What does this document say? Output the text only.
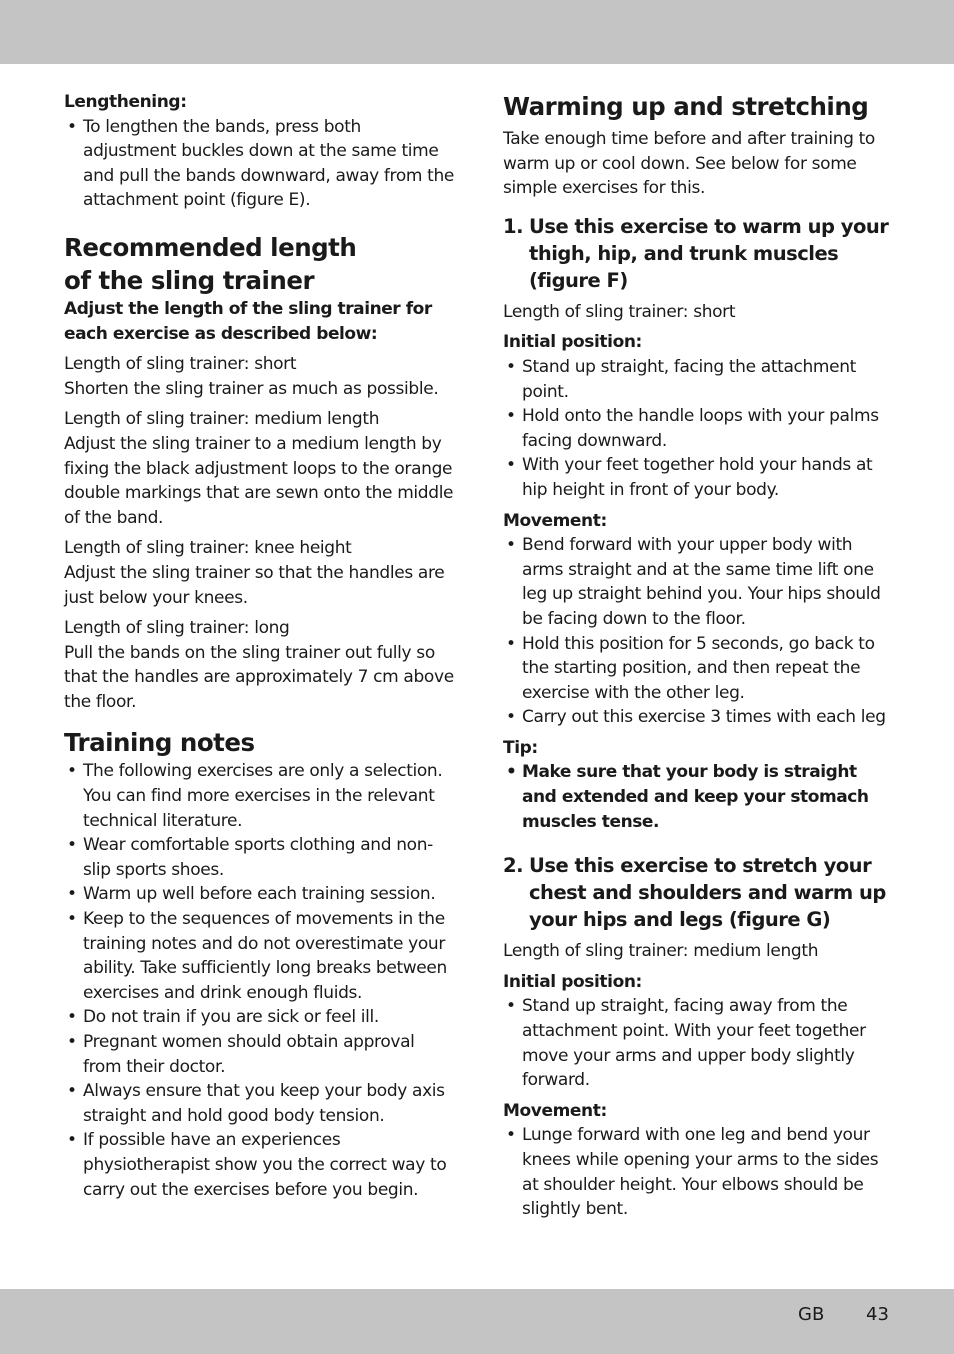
Lengthening:
• To lengthen the bands, press both adjustment buckles down at the same time and pull the bands downward, away from the attachment point (figure E).
Recommended length
of the sling trainer
Adjust the length of the sling trainer for each exercise as described below:
Length of sling trainer: short
Shorten the sling trainer as much as possible.
Length of sling trainer: medium length
Adjust the sling trainer to a medium length by fixing the black adjustment loops to the orange double markings that are sewn onto the middle of the band.
Length of sling trainer: knee height
Adjust the sling trainer so that the handles are just below your knees.
Length of sling trainer: long
Pull the bands on the sling trainer out fully so that the handles are approximately 7 cm above the floor.
Training notes
• The following exercises are only a selection. You can find more exercises in the relevant technical literature.
• Wear comfortable sports clothing and non-slip sports shoes.
• Warm up well before each training session.
• Keep to the sequences of movements in the training notes and do not overestimate your ability. Take sufficiently long breaks between exercises and drink enough fluids.
• Do not train if you are sick or feel ill.
• Pregnant women should obtain approval from their doctor.
• Always ensure that you keep your body axis straight and hold good body tension.
• If possible have an experiences physiotherapist show you the correct way to carry out the exercises before you begin.
Warming up and stretching
Take enough time before and after training to warm up or cool down. See below for some simple exercises for this.
1. Use this exercise to warm up your thigh, hip, and trunk muscles (figure F)
Length of sling trainer: short
Initial position:
• Stand up straight, facing the attachment point.
• Hold onto the handle loops with your palms facing downward.
• With your feet together hold your hands at hip height in front of your body.
Movement:
• Bend forward with your upper body with arms straight and at the same time lift one leg up straight behind you. Your hips should be facing down to the floor.
• Hold this position for 5 seconds, go back to the starting position, and then repeat the exercise with the other leg.
• Carry out this exercise 3 times with each leg
Tip:
• Make sure that your body is straight and extended and keep your stomach muscles tense.
2. Use this exercise to stretch your chest and shoulders and warm up your hips and legs (figure G)
Length of sling trainer: medium length
Initial position:
• Stand up straight, facing away from the attachment point. With your feet together move your arms and upper body slightly forward.
Movement:
• Lunge forward with one leg and bend your knees while opening your arms to the sides at shoulder height. Your elbows should be slightly bent.
GB 43
